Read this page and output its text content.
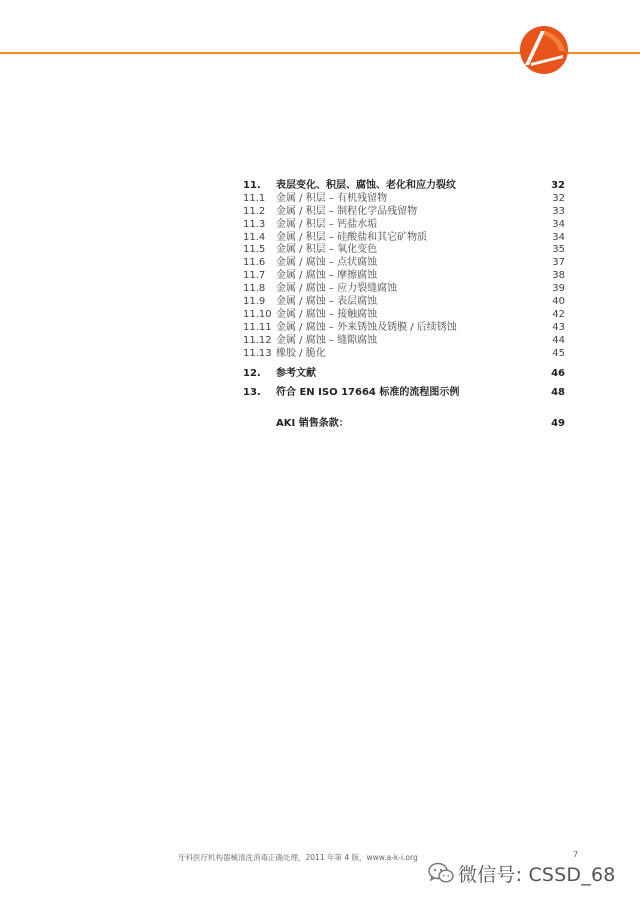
11. 表层变化、积层、腐蚀、老化和应力裂纹	32
11.1 金属 / 积层 – 有机残留物	32
11.2 金属 / 积层 – 制程化学品残留物	33
11.3 金属 / 积层 – 钙盐水垢	34
11.4 金属 / 积层 – 硅酸盐和其它矿物质	34
11.5 金属 / 积层 – 氧化变色	35
11.6 金属 / 腐蚀 – 点状腐蚀	37
11.7 金属 / 腐蚀 – 摩擦腐蚀	38
11.8 金属 / 腐蚀 – 应力裂缝腐蚀	39
11.9 金属 / 腐蚀 – 表层腐蚀	40
11.10 金属 / 腐蚀 – 接触腐蚀	42
11.11 金属 / 腐蚀 – 外来锈蚀及锈膜 / 后续锈蚀	43
11.12 金属 / 腐蚀 – 缝隙腐蚀	44
11.13 橡胶 / 脆化	45
12. 参考文献	46
13. 符合 EN ISO 17664 标准的流程图示例	48
AKI 销售条款：	49
牙科医疗机构器械清洗消毒正确处理，2011 年第 4 版，www.a-k-i.org	7
微信号: CSSD_68
